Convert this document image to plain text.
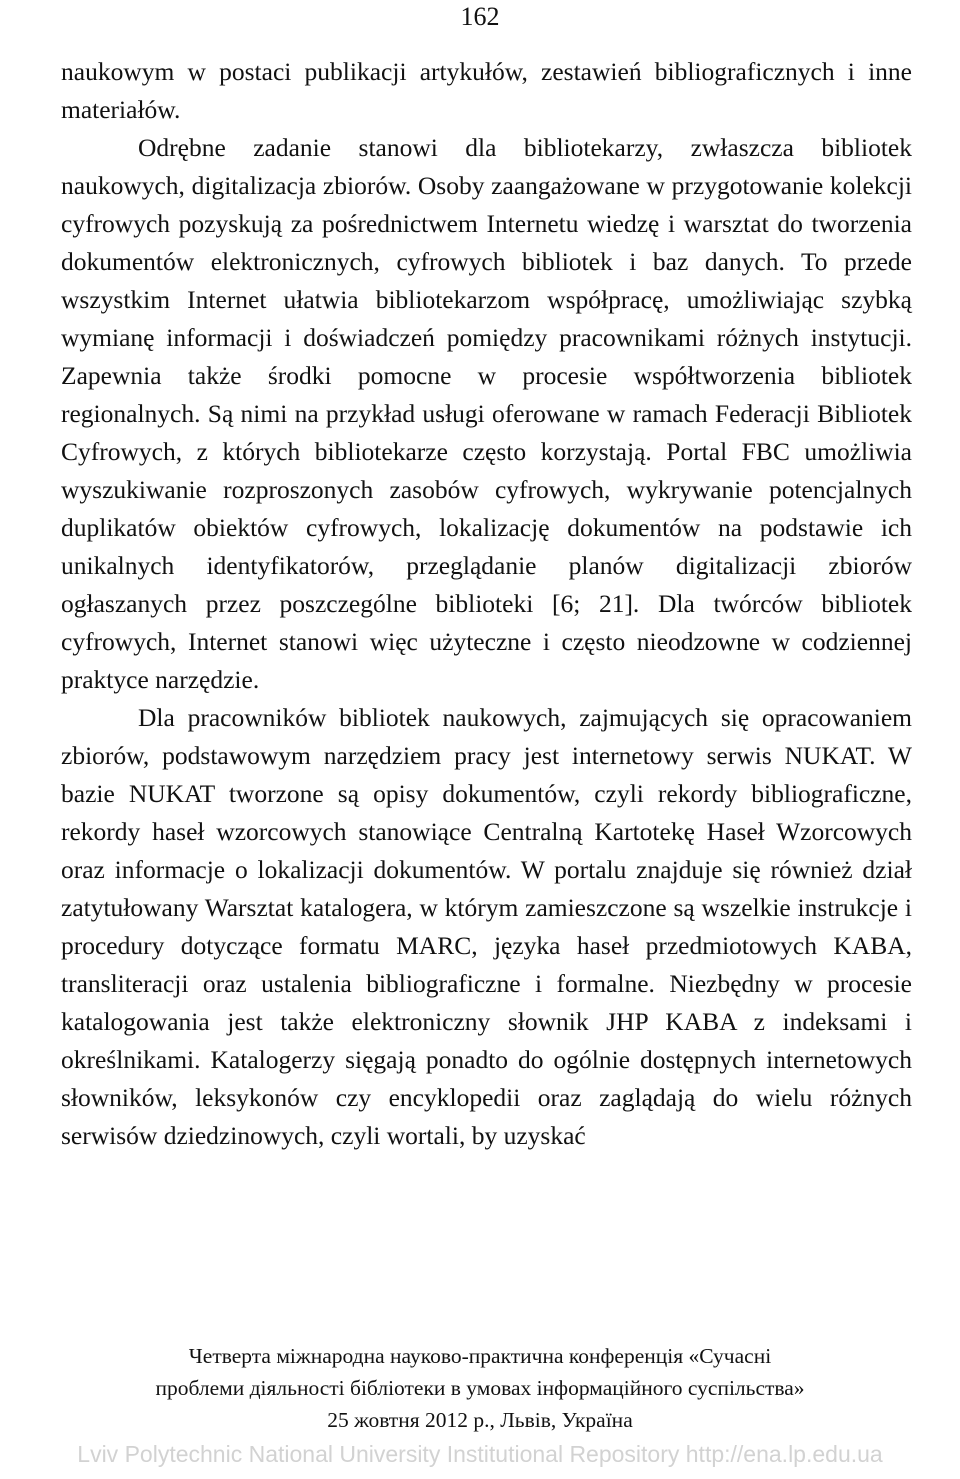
162

naukowym w postaci publikacji artykułów, zestawień bibliograficznych i inne materiałów.

Odrębne zadanie stanowi dla bibliotekarzy, zwłaszcza bibliotek naukowych, digitalizacja zbiorów. Osoby zaangażowane w przygotowanie kolekcji cyfrowych pozyskują za pośrednictwem Internetu wiedzę i warsztat do tworzenia dokumentów elektronicznych, cyfrowych bibliotek i baz danych. To przede wszystkim Internet ułatwia bibliotekarzom współpracę, umożliwiając szybką wymianę informacji i doświadczeń pomiędzy pracownikami różnych instytucji. Zapewnia także środki pomocne w procesie współtworzenia bibliotek regionalnych. Są nimi na przykład usługi oferowane w ramach Federacji Bibliotek Cyfrowych, z których bibliotekarze często korzystają. Portal FBC umożliwia wyszukiwanie rozproszonych zasobów cyfrowych, wykrywanie potencjalnych duplikatów obiektów cyfrowych, lokalizację dokumentów na podstawie ich unikalnych identyfikatorów, przeglądanie planów digitalizacji zbiorów ogłaszanych przez poszczególne biblioteki [6; 21]. Dla twórców bibliotek cyfrowych, Internet stanowi więc użyteczne i często nieodzowne w codziennej praktyce narzędzie.

Dla pracowników bibliotek naukowych, zajmujących się opracowaniem zbiorów, podstawowym narzędziem pracy jest internetowy serwis NUKAT. W bazie NUKAT tworzone są opisy dokumentów, czyli rekordy bibliograficzne, rekordy haseł wzorcowych stanowiące Centralną Kartotekę Haseł Wzorcowych oraz informacje o lokalizacji dokumentów. W portalu znajduje się również dział zatytułowany Warsztat katalogera, w którym zamieszczone są wszelkie instrukcje i procedury dotyczące formatu MARC, języka haseł przedmiotowych KABA, transliteracji oraz ustalenia bibliograficzne i formalne. Niezbędny w procesie katalogowania jest także elektroniczny słownik JHP KABA z indeksami i określnikami. Katalogerzy sięgają ponadto do ogólnie dostępnych internetowych słowników, leksykonów czy encyklopedii oraz zaglądają do wielu różnych serwisów dziedzinowych, czyli wortali, by uzyskać

Четверта міжнародна науково-практична конференція «Сучасні
проблеми діяльності бібліотеки в умовах інформаційного суспільства»
25 жовтня 2012 р., Львів, Україна
Lviv Polytechnic National University Institutional Repository http://ena.lp.edu.ua
